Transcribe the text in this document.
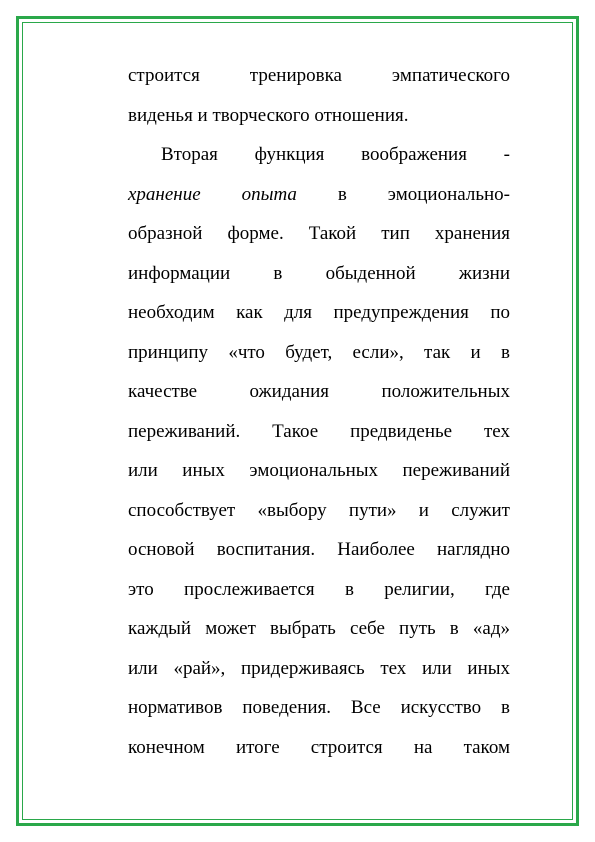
строится тренировка эмпатического
виденья и творческого отношения.
Вторая функция воображения -
хранение опыта в эмоционально-
образной форме. Такой тип хранения
информации в обыденной жизни
необходим как для предупреждения по
принципу «что будет, если», так и в
качестве ожидания положительных
переживаний. Такое предвиденье тех
или иных эмоциональных переживаний
способствует «выбору пути» и служит
основой воспитания. Наиболее наглядно
это прослеживается в религии, где
каждый может выбрать себе путь в «ад»
или «рай», придерживаясь тех или иных
нормативов поведения. Все искусство в
конечном итоге строится на таком
